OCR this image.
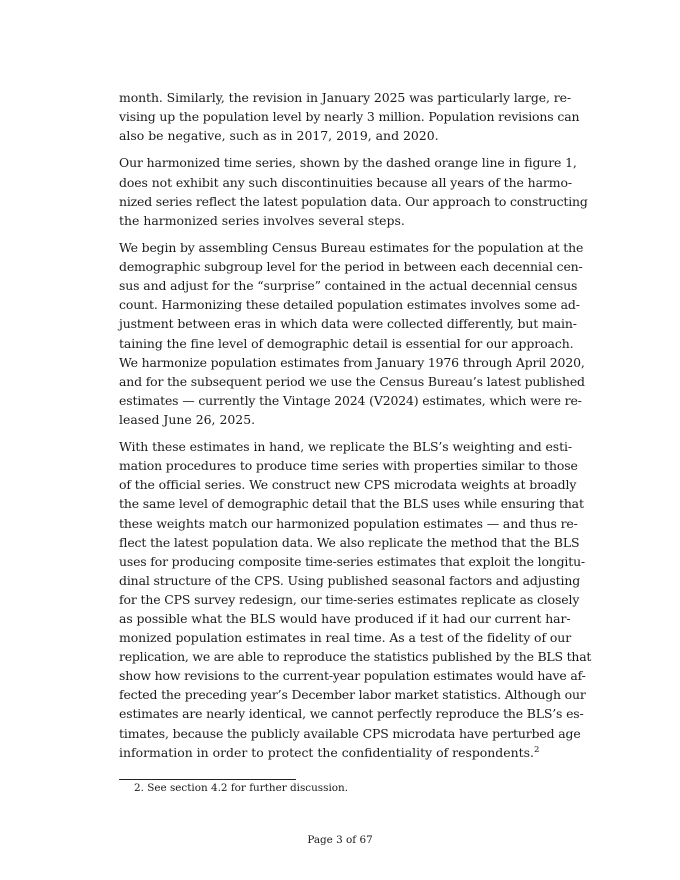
month. Similarly, the revision in January 2025 was particularly large, re-
vising up the population level by nearly 3 million. Population revisions can
also be negative, such as in 2017, 2019, and 2020.
Our harmonized time series, shown by the dashed orange line in figure 1,
does not exhibit any such discontinuities because all years of the harmo-
nized series reflect the latest population data. Our approach to constructing
the harmonized series involves several steps.
We begin by assembling Census Bureau estimates for the population at the
demographic subgroup level for the period in between each decennial cen-
sus and adjust for the “surprise” contained in the actual decennial census
count. Harmonizing these detailed population estimates involves some ad-
justment between eras in which data were collected differently, but main-
taining the fine level of demographic detail is essential for our approach.
We harmonize population estimates from January 1976 through April 2020,
and for the subsequent period we use the Census Bureau’s latest published
estimates — currently the Vintage 2024 (V2024) estimates, which were re-
leased June 26, 2025.
With these estimates in hand, we replicate the BLS’s weighting and esti-
mation procedures to produce time series with properties similar to those
of the official series. We construct new CPS microdata weights at broadly
the same level of demographic detail that the BLS uses while ensuring that
these weights match our harmonized population estimates — and thus re-
flect the latest population data. We also replicate the method that the BLS
uses for producing composite time-series estimates that exploit the longitu-
dinal structure of the CPS. Using published seasonal factors and adjusting
for the CPS survey redesign, our time-series estimates replicate as closely
as possible what the BLS would have produced if it had our current har-
monized population estimates in real time. As a test of the fidelity of our
replication, we are able to reproduce the statistics published by the BLS that
show how revisions to the current-year population estimates would have af-
fected the preceding year’s December labor market statistics. Although our
estimates are nearly identical, we cannot perfectly reproduce the BLS’s es-
timates, because the publicly available CPS microdata have perturbed age
information in order to protect the confidentiality of respondents.$^2$
2. See section 4.2 for further discussion.
Page 3 of 67
